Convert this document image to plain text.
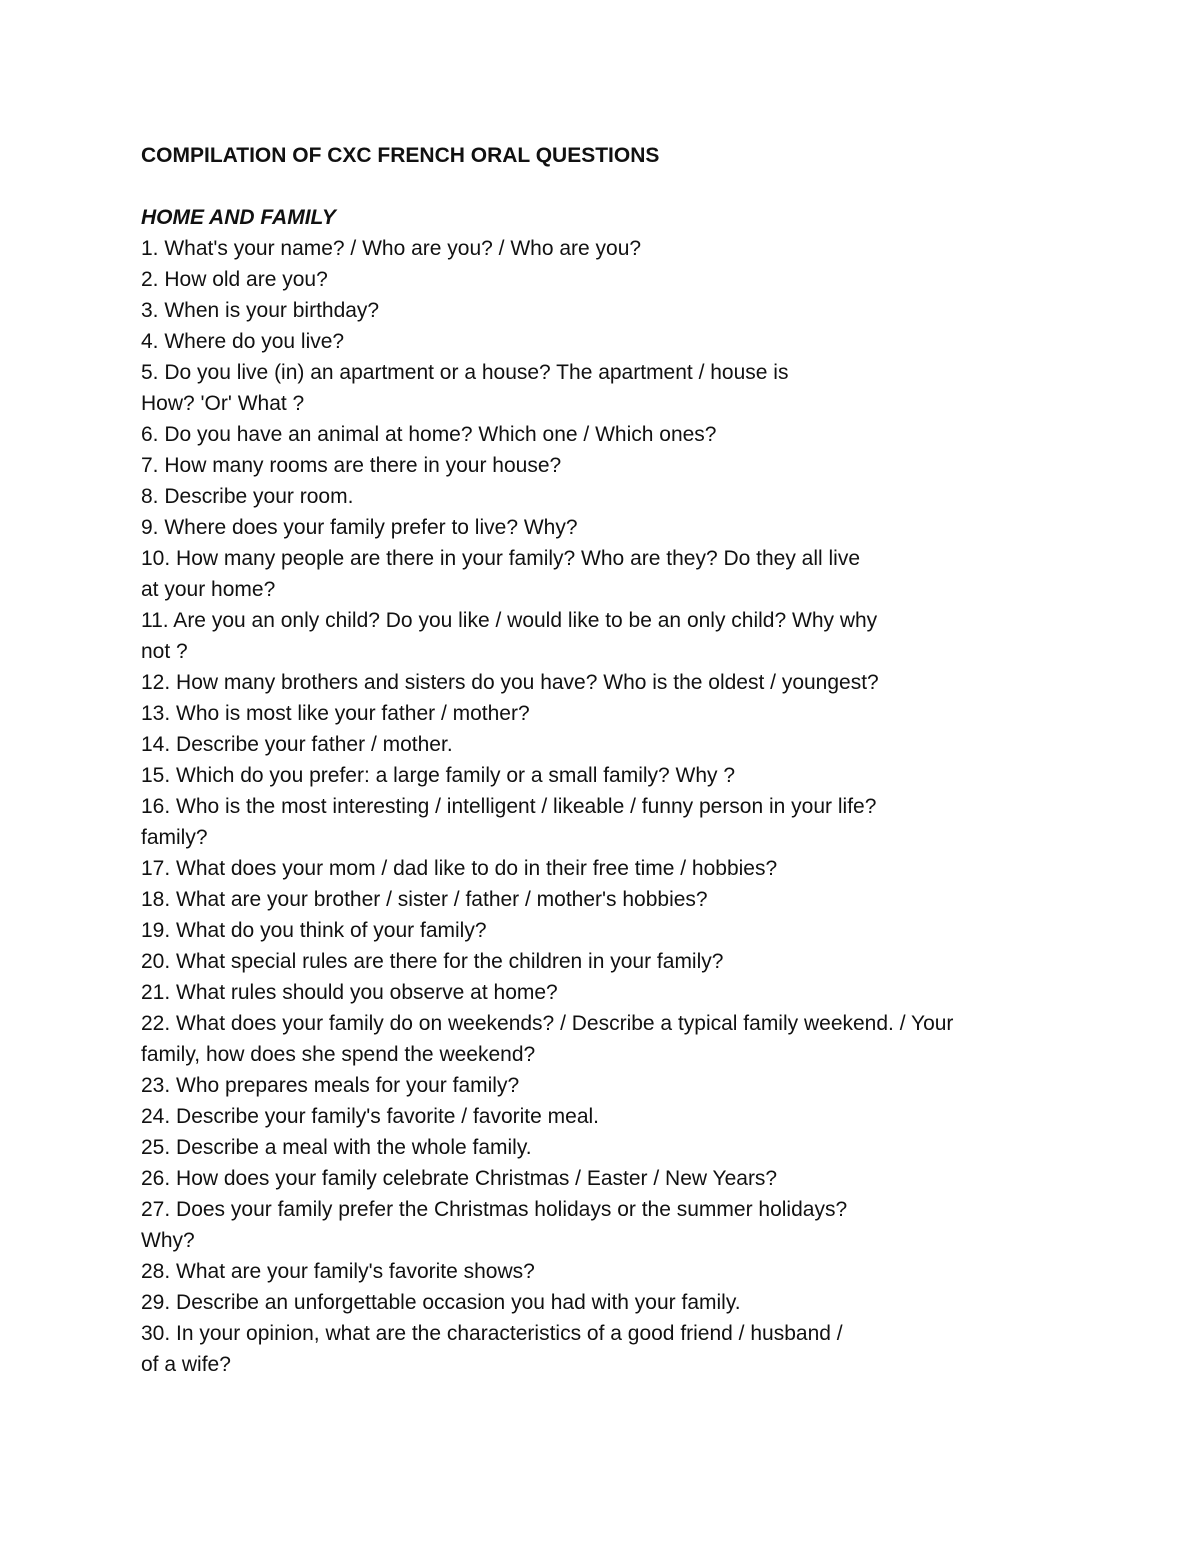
COMPILATION OF CXC FRENCH ORAL QUESTIONS

HOME AND FAMILY

1. What's your name? / Who are you? / Who are you?

2. How old are you?

3. When is your birthday?

4. Where do you live?

5. Do you live (in) an apartment or a house? The apartment / house is

How? 'Or' What ?

6. Do you have an animal at home? Which one / Which ones?

7. How many rooms are there in your house?

8. Describe your room.

9. Where does your family prefer to live? Why?

10. How many people are there in your family? Who are they? Do they all live

at your home?

11. Are you an only child? Do you like / would like to be an only child? Why why

not ?

12. How many brothers and sisters do you have? Who is the oldest / youngest?

13. Who is most like your father / mother?

14. Describe your father / mother.

15. Which do you prefer: a large family or a small family? Why ?

16. Who is the most interesting / intelligent / likeable / funny person in your life?

family?

17. What does your mom / dad like to do in their free time / hobbies?

18. What are your brother / sister / father / mother's hobbies?

19. What do you think of your family?

20. What special rules are there for the children in your family?

21. What rules should you observe at home?

22. What does your family do on weekends? / Describe a typical family weekend. / Your

family, how does she spend the weekend?

23. Who prepares meals for your family?

24. Describe your family's favorite / favorite meal.

25. Describe a meal with the whole family.

26. How does your family celebrate Christmas / Easter / New Years?

27. Does your family prefer the Christmas holidays or the summer holidays?

Why?

28. What are your family's favorite shows?

29. Describe an unforgettable occasion you had with your family.

30. In your opinion, what are the characteristics of a good friend / husband /

of a wife?
